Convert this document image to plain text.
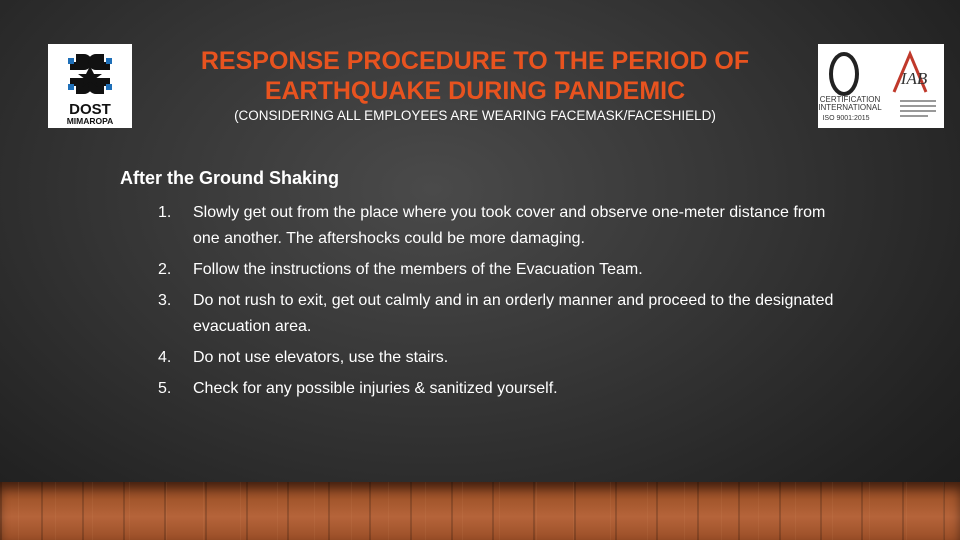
DOST
MIMAROPA
RESPONSE PROCEDURE TO THE PERIOD OF EARTHQUAKE DURING PANDEMIC

(CONSIDERING ALL EMPLOYEES ARE WEARING FACEMASK/FACESHIELD)

CERTIFICATION
INTERNATIONAL
ISO 9001:2015
IAB
After the Ground Shaking
1.	Slowly get out from the place where you took cover and observe one-meter distance from one another. The aftershocks could be more damaging.
2.	Follow the instructions of the members of the Evacuation Team.
3.	Do not rush to exit, get out calmly and in an orderly manner and proceed to the designated evacuation area.
4.	Do not use elevators, use the stairs.
5.	Check for any possible injuries & sanitized yourself.
